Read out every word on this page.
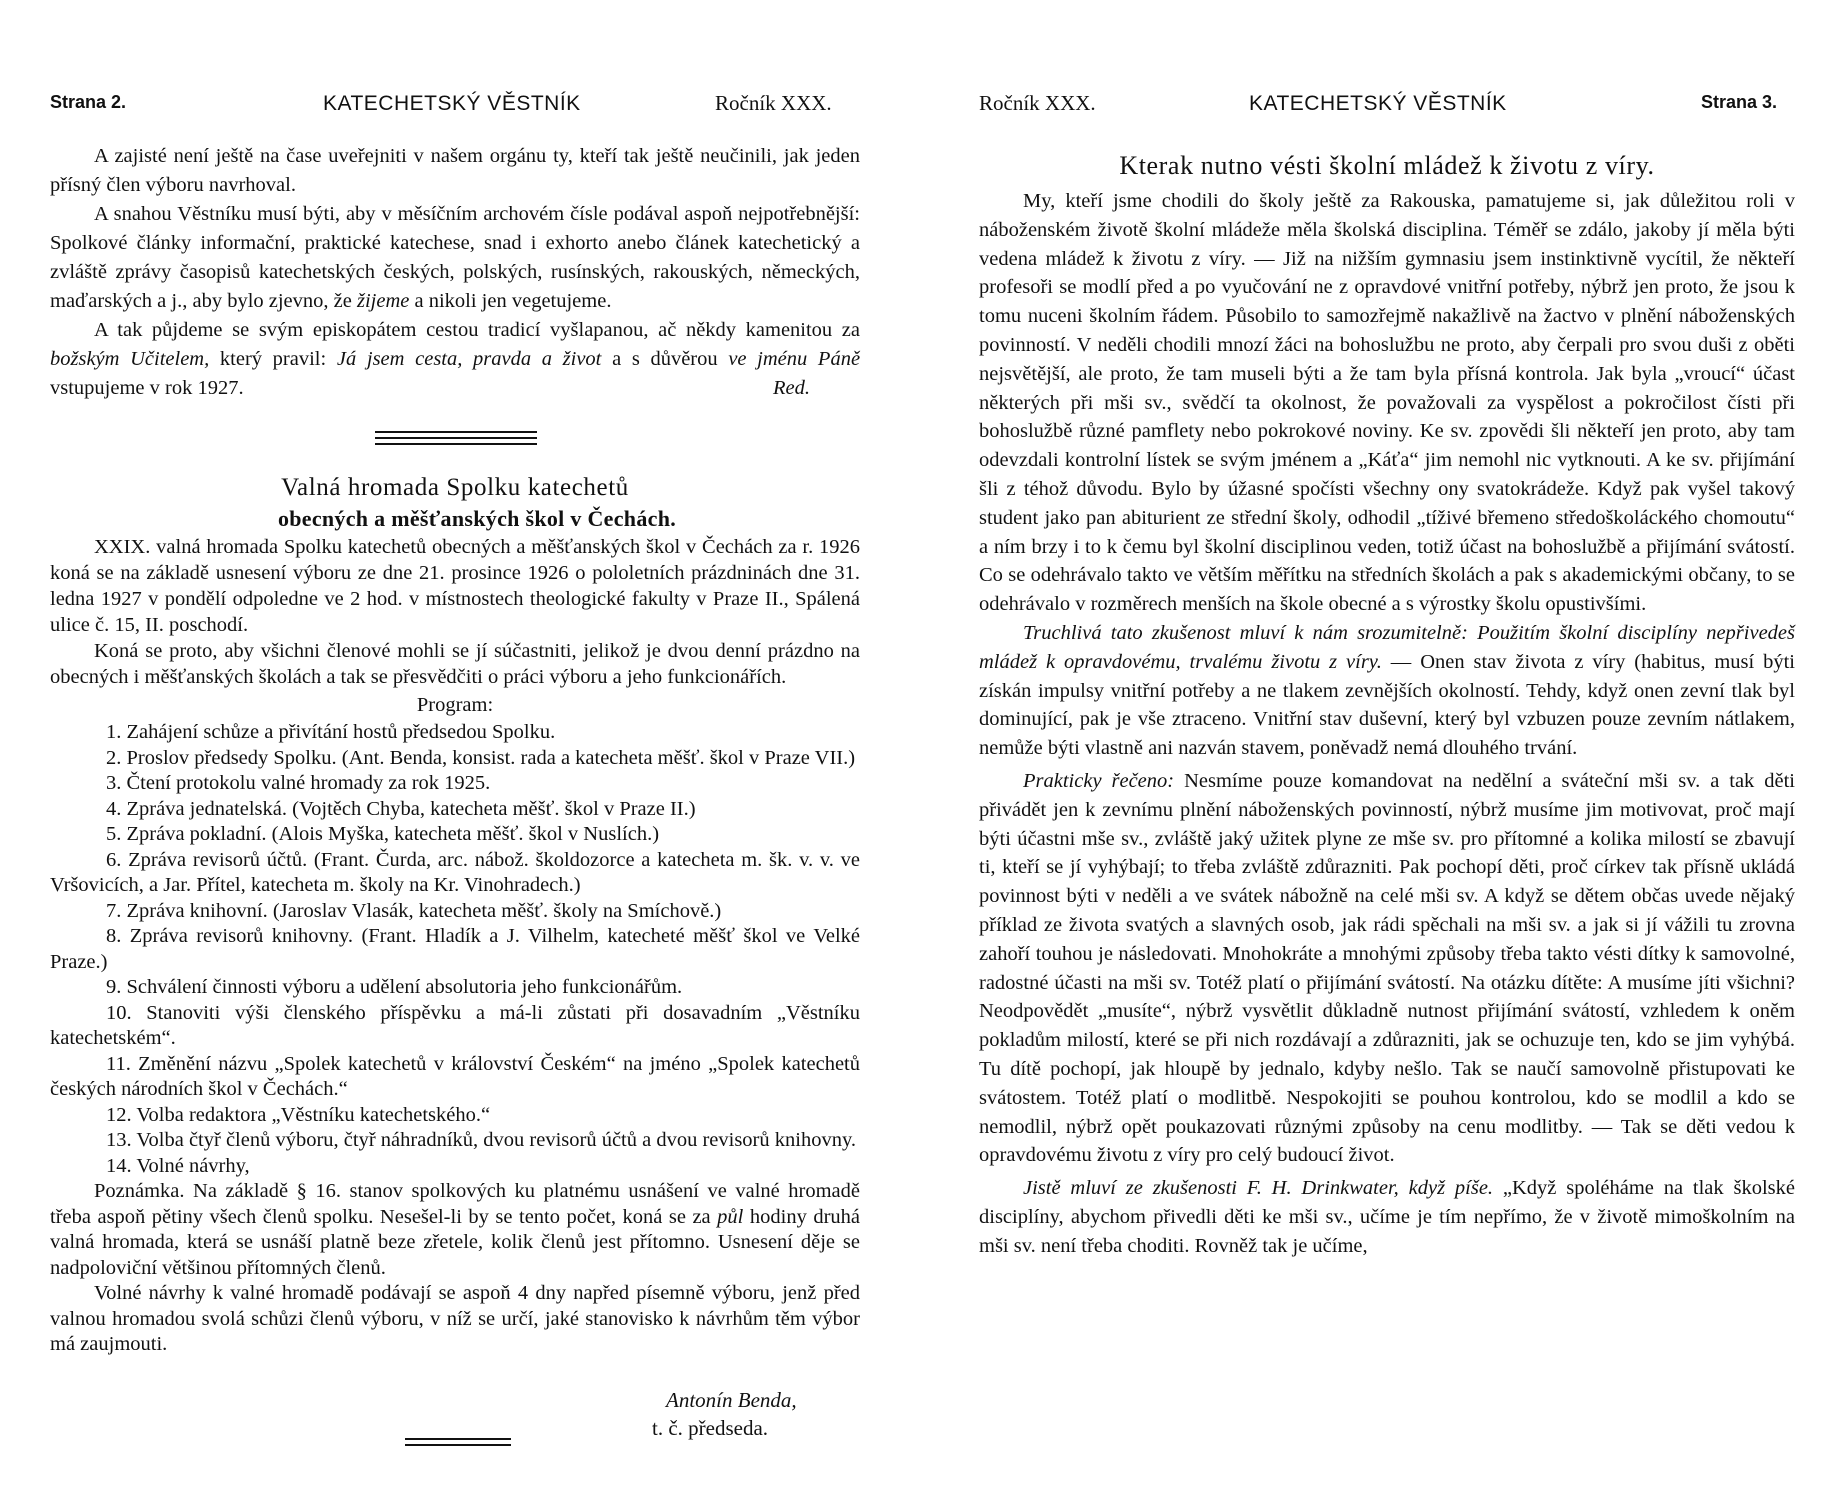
Strana 2.	KATECHETSKÝ VĚSTNÍK	Ročník XXX.

A zajisté není ještě na čase uveřejniti v našem orgánu ty, kteří tak ještě neučinili, jak jeden přísný člen výboru navrhoval.

A snahou Věstníku musí býti, aby v měsíčním archovém čísle podával aspoň nejpotřebnější: Spolkové články informační, praktické katechese, snad i exhorto anebo článek katechetický a zvláště zprávy časopisů katechetských českých, polských, rusínských, rakouských, německých, maďarských a j., aby bylo zjevno, že žijeme a nikoli jen vegetujeme.

A tak půjdeme se svým episkopátem cestou tradicí vyšlapanou, ač někdy kamenitou za božským Učitelem, který pravil: Já jsem cesta, pravda a život a s důvěrou ve jménu Páně vstupujeme v rok 1927.	Red.

Valná hromada Spolku katechetů

obecných a měšťanských škol v Čechách.

XXIX. valná hromada Spolku katechetů obecných a měšťanských škol v Čechách za r. 1926 koná se na základě usnesení výboru ze dne 21. prosince 1926 o pololetních prázdninách dne 31. ledna 1927 v pondělí odpoledne ve 2 hod. v místnostech theologické fakulty v Praze II., Spálená ulice č. 15, II. poschodí.

Koná se proto, aby všichni členové mohli se jí súčastniti, jelikož je dvou denní prázdno na obecných i měšťanských školách a tak se přesvědčiti o práci výboru a jeho funkcionářích.

Program:

1. Zahájení schůze a přivítání hostů předsedou Spolku.

2. Proslov předsedy Spolku. (Ant. Benda, konsist. rada a katecheta měšť. škol v Praze VII.)

3. Čtení protokolu valné hromady za rok 1925.

4. Zpráva jednatelská. (Vojtěch Chyba, katecheta měšť. škol v Praze II.)

5. Zpráva pokladní. (Alois Myška, katecheta měšť. škol v Nuslích.)

6. Zpráva revisorů účtů. (Frant. Čurda, arc. nábož. školdozorce a katecheta m. šk. v. v. ve Vršovicích, a Jar. Přítel, katecheta m. školy na Kr. Vinohradech.)

7. Zpráva knihovní. (Jaroslav Vlasák, katecheta měšť. školy na Smíchově.)

8. Zpráva revisorů knihovny. (Frant. Hladík a J. Vilhelm, katecheté měšť škol ve Velké Praze.)

9. Schválení činnosti výboru a udělení absolutoria jeho funkcionářům.

10. Stanoviti výši členského příspěvku a má-li zůstati při dosavadním „Věstníku katechetském“.

11. Změnění názvu „Spolek katechetů v království Českém“ na jméno „Spolek katechetů českých národních škol v Čechách.“

12. Volba redaktora „Věstníku katechetského.“

13. Volba čtyř členů výboru, čtyř náhradníků, dvou revisorů účtů a dvou revisorů knihovny.

14. Volné návrhy,

Poznámka. Na základě § 16. stanov spolkových ku platnému usnášení ve valné hromadě třeba aspoň pětiny všech členů spolku. Nesešel-li by se tento počet, koná se za půl hodiny druhá valná hromada, která se usnáší platně beze zřetele, kolik členů jest přítomno. Usnesení děje se nadpoloviční většinou přítomných členů.

Volné návrhy k valné hromadě podávají se aspoň 4 dny napřed písemně výboru, jenž před valnou hromadou svolá schůzi členů výboru, v níž se určí, jaké stanovisko k návrhům těm výbor má zaujmouti.

Antonín Benda,
t. č. předseda.
Ročník XXX.	KATECHETSKÝ VĚSTNÍK	Strana 3.

Kterak nutno vésti školní mládež k životu z víry.

My, kteří jsme chodili do školy ještě za Rakouska, pamatujeme si, jak důležitou roli v náboženském životě školní mládeže měla školská disciplina. Téměř se zdálo, jakoby jí měla býti vedena mládež k životu z víry. — Již na nižším gymnasiu jsem instinktivně vycítil, že někteří profesoři se modlí před a po vyučování ne z opravdové vnitřní potřeby, nýbrž jen proto, že jsou k tomu nuceni školním řádem. Působilo to samozřejmě nakažlivě na žactvo v plnění náboženských povinností. V neděli chodili mnozí žáci na bohoslužbu ne proto, aby čerpali pro svou duši z oběti nejsvětější, ale proto, že tam museli býti a že tam byla přísná kontrola. Jak byla „vroucí“ účast některých při mši sv., svědčí ta okolnost, že považovali za vyspělost a pokročilost čísti při bohoslužbě různé pamflety nebo pokrokové noviny. Ke sv. zpovědi šli někteří jen proto, aby tam odevzdali kontrolní lístek se svým jménem a „Káťa“ jim nemohl nic vytknouti. A ke sv. přijímání šli z téhož důvodu. Bylo by úžasné spočísti všechny ony svatokrádeže. Když pak vyšel takový student jako pan abiturient ze střední školy, odhodil „tíživé břemeno středoškoláckého chomoutu“ a ním brzy i to k čemu byl školní disciplinou veden, totiž účast na bohoslužbě a přijímání svátostí. Co se odehrávalo takto ve větším měřítku na středních školách a pak s akademickými občany, to se odehrávalo v rozměrech menších na škole obecné a s výrostky školu opustivšími.

Truchlivá tato zkušenost mluví k nám srozumitelně: Použitím školní disciplíny nepřivedeš mládež k opravdovému, trvalému životu z víry. — Onen stav života z víry (habitus, musí býti získán impulsy vnitřní potřeby a ne tlakem zevnějších okolností. Tehdy, když onen zevní tlak byl dominující, pak je vše ztraceno. Vnitřní stav duševní, který byl vzbuzen pouze zevním nátlakem, nemůže býti vlastně ani nazván stavem, poněvadž nemá dlouhého trvání.

Prakticky řečeno: Nesmíme pouze komandovat na nedělní a sváteční mši sv. a tak děti přivádět jen k zevnímu plnění náboženských povinností, nýbrž musíme jim motivovat, proč mají býti účastni mše sv., zvláště jaký užitek plyne ze mše sv. pro přítomné a kolika milostí se zbavují ti, kteří se jí vyhýbají; to třeba zvláště zdůrazniti. Pak pochopí děti, proč církev tak přísně ukládá povinnost býti v neděli a ve svátek nábožně na celé mši sv. A když se dětem občas uvede nějaký příklad ze života svatých a slavných osob, jak rádi spěchali na mši sv. a jak si jí vážili tu zrovna zahoří touhou je následovati. Mnohokráte a mnohými způsoby třeba takto vésti dítky k samovolné, radostné účasti na mši sv. Totéž platí o přijímání svátostí. Na otázku dítěte: A musíme jíti všichni? Neodpovědět „musíte“, nýbrž vysvětlit důkladně nutnost přijímání svátostí, vzhledem k oněm pokladům milostí, které se při nich rozdávají a zdůrazniti, jak se ochuzuje ten, kdo se jim vyhýbá. Tu dítě pochopí, jak hloupě by jednalo, kdyby nešlo. Tak se naučí samovolně přistupovati ke svátostem. Totéž platí o modlitbě. Nespokojiti se pouhou kontrolou, kdo se modlil a kdo se nemodlil, nýbrž opět poukazovati různými způsoby na cenu modlitby. — Tak se děti vedou k opravdovému životu z víry pro celý budoucí život.

Jistě mluví ze zkušenosti F. H. Drinkwater, když píše. „Když spoléháme na tlak školské disciplíny, abychom přivedli děti ke mši sv., učíme je tím nepřímo, že v životě mimoškolním na mši sv. není třeba choditi. Rovněž tak je učíme,
